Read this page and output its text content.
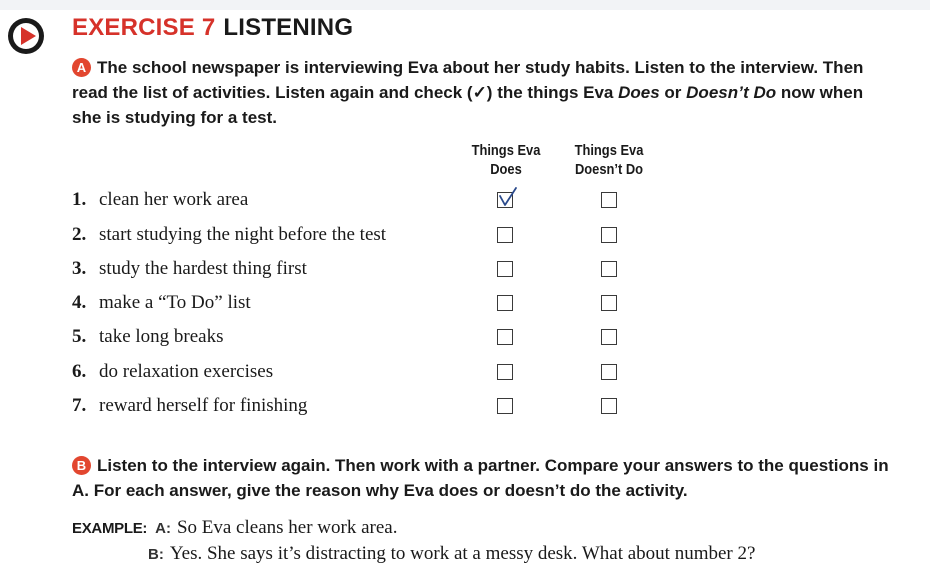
EXERCISE 7 LISTENING
A The school newspaper is interviewing Eva about her study habits. Listen to the interview. Then read the list of activities. Listen again and check (✓) the things Eva Does or Doesn’t Do now when she is studying for a test.
Things Eva
Does
Things Eva
Doesn’t Do
1. clean her work area
2. start studying the night before the test
3. study the hardest thing first
4. make a “To Do” list
5. take long breaks
6. do relaxation exercises
7. reward herself for finishing
B Listen to the interview again. Then work with a partner. Compare your answers to the questions in A. For each answer, give the reason why Eva does or doesn’t do the activity.
EXAMPLE: A: So Eva cleans her work area.
B: Yes. She says it’s distracting to work at a messy desk. What about number 2?
